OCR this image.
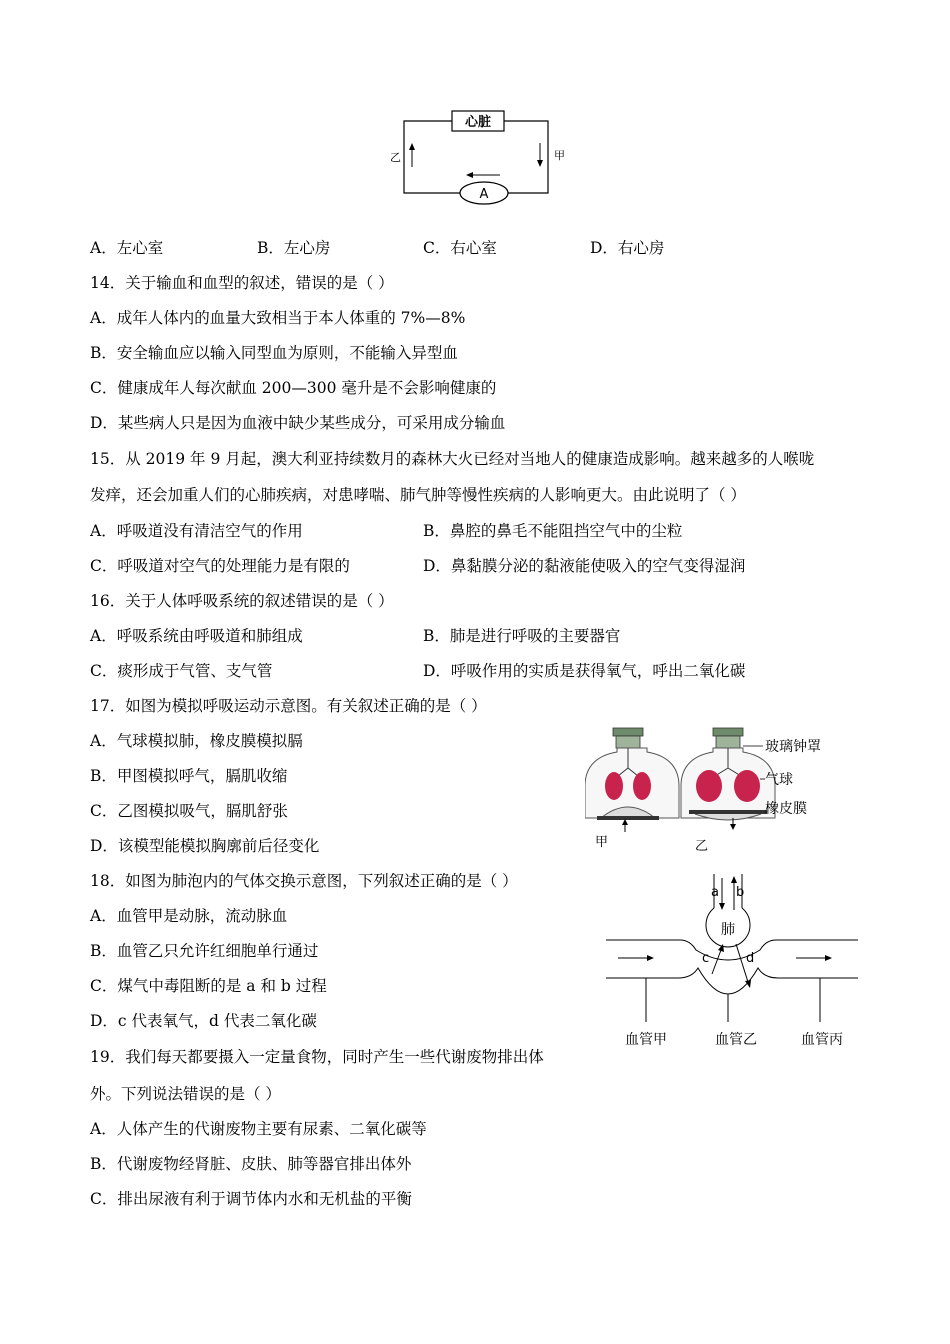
心脏
A
乙	甲
A．左心室	B．左心房	C．右心室	D．右心房
14．关于输血和血型的叙述，错误的是（ ）
A．成年人体内的血量大致相当于本人体重的 7%—8%
B．安全输血应以输入同型血为原则，不能输入异型血
C．健康成年人每次献血 200—300 毫升是不会影响健康的
D．某些病人只是因为血液中缺少某些成分，可采用成分输血
15．从 2019 年 9 月起，澳大利亚持续数月的森林大火已经对当地人的健康造成影响。越来越多的人喉咙
发痒，还会加重人们的心肺疾病，对患哮喘、肺气肿等慢性疾病的人影响更大。由此说明了（ ）
A．呼吸道没有清洁空气的作用	B．鼻腔的鼻毛不能阻挡空气中的尘粒
C．呼吸道对空气的处理能力是有限的	D．鼻黏膜分泌的黏液能使吸入的空气变得湿润
16．关于人体呼吸系统的叙述错误的是（ ）
A．呼吸系统由呼吸道和肺组成	B．肺是进行呼吸的主要器官
C．痰形成于气管、支气管	D．呼吸作用的实质是获得氧气，呼出二氧化碳
17．如图为模拟呼吸运动示意图。有关叙述正确的是（ ）
A．气球模拟肺，橡皮膜模拟膈
B．甲图模拟呼气，膈肌收缩
C．乙图模拟吸气，膈肌舒张
D．该模型能模拟胸廓前后径变化	甲	乙
玻璃钟罩
气球
橡皮膜
18．如图为肺泡内的气体交换示意图，下列叙述正确的是（ ）
A．血管甲是动脉，流动脉血
B．血管乙只允许红细胞单行通过
C．煤气中毒阻断的是 a 和 b 过程
D．c 代表氧气，d 代表二氧化碳
a b
肺
c	d
血管甲	血管乙	血管丙
19．我们每天都要摄入一定量食物，同时产生一些代谢废物排出体
外。下列说法错误的是（ ）
A．人体产生的代谢废物主要有尿素、二氧化碳等
B．代谢废物经肾脏、皮肤、肺等器官排出体外
C．排出尿液有利于调节体内水和无机盐的平衡
